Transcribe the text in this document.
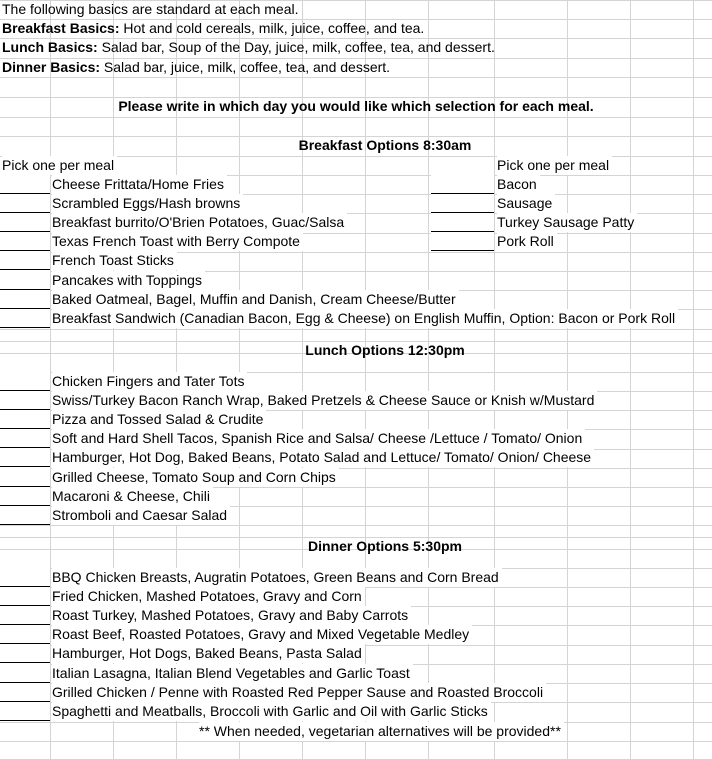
The following basics are standard at each meal.
Breakfast Basics: Hot and cold cereals, milk, juice, coffee, and tea.
Lunch Basics: Salad bar, Soup of the Day, juice, milk, coffee, tea, and dessert.
Dinner Basics: Salad bar, juice, milk, coffee, tea, and dessert.
Please write in which day you would like which selection for each meal.
Breakfast Options 8:30am
Pick one per meal	Pick one per meal
Cheese Frittata/Home Fries
Scrambled Eggs/Hash browns
Breakfast burrito/O'Brien Potatoes, Guac/Salsa
Texas French Toast with Berry Compote
French Toast Sticks
Pancakes with Toppings
Baked Oatmeal, Bagel, Muffin and Danish, Cream Cheese/Butter
Breakfast Sandwich (Canadian Bacon, Egg & Cheese) on English Muffin, Option: Bacon or Pork Roll
Bacon
Sausage
Turkey Sausage Patty
Pork Roll
Lunch Options 12:30pm
Chicken Fingers and Tater Tots
Swiss/Turkey Bacon Ranch Wrap, Baked Pretzels & Cheese Sauce or Knish w/Mustard
Pizza and Tossed Salad & Crudite
Soft and Hard Shell Tacos, Spanish Rice and Salsa/ Cheese /Lettuce / Tomato/ Onion
Hamburger, Hot Dog, Baked Beans, Potato Salad and Lettuce/ Tomato/ Onion/ Cheese
Grilled Cheese, Tomato Soup and Corn Chips
Macaroni & Cheese, Chili
Stromboli and Caesar Salad
Dinner Options 5:30pm
BBQ Chicken Breasts, Augratin Potatoes, Green Beans and Corn Bread
Fried Chicken, Mashed Potatoes, Gravy and Corn
Roast Turkey, Mashed Potatoes, Gravy and Baby Carrots
Roast Beef, Roasted Potatoes, Gravy and Mixed Vegetable Medley
Hamburger, Hot Dogs, Baked Beans, Pasta Salad
Italian Lasagna, Italian Blend Vegetables and Garlic Toast
Grilled Chicken / Penne with Roasted Red Pepper Sause and Roasted Broccoli
Spaghetti and Meatballs, Broccoli with Garlic and Oil with Garlic Sticks
** When needed, vegetarian alternatives will be provided**
